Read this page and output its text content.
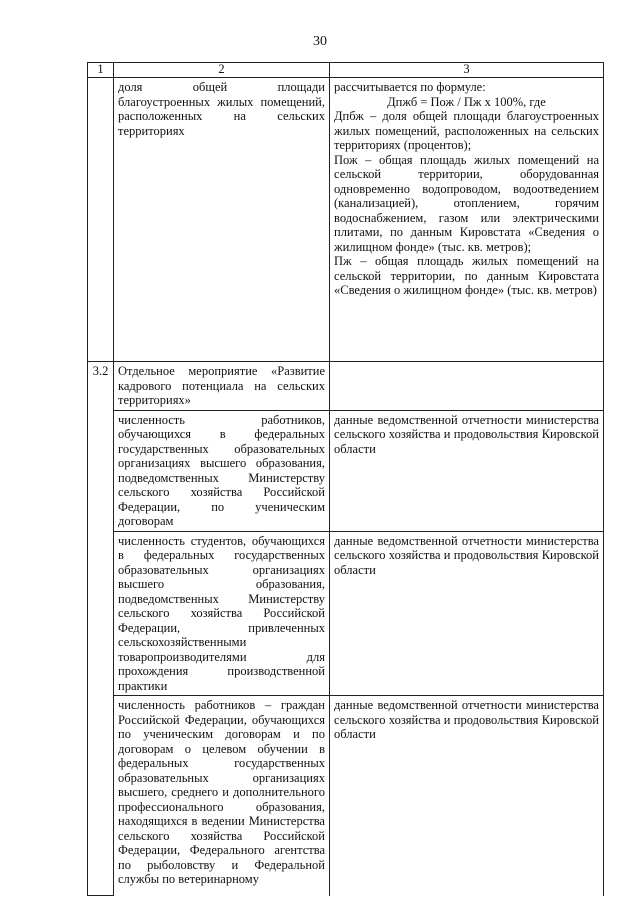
30
1	2	3
	доля общей площади благоустроенных жилых помещений, расположенных на сельских территориях	рассчитывается по формуле:

Дпжб = Пож / Пж x 100%, где

Дпбж – доля общей площади благоустроенных жилых помещений, расположенных на сельских территориях (процентов);

Пож – общая площадь жилых помещений на сельской территории, оборудованная одновременно водопроводом, водоотведением (канализацией), отоплением, горячим водоснабжением, газом или электрическими плитами, по данным Кировстата «Сведения о жилищном фонде» (тыс. кв. метров);

Пж – общая площадь жилых помещений на сельской территории, по данным Кировстата «Сведения о жилищном фонде» (тыс. кв. метров)

3.2	Отдельное мероприятие «Развитие кадрового потенциала на сельских территориях»	
	численность работников, обучающихся в федеральных государственных образовательных организациях высшего образования, подведомственных Министерству сельского хозяйства Российской Федерации, по ученическим договорам	данные ведомственной отчетности министерства сельского хозяйства и продовольствия Кировской области
	численность студентов, обучающихся в федеральных государственных образовательных организациях высшего образования, подведомственных Министерству сельского хозяйства Российской Федерации, привлеченных сельскохозяйственными товаропроизводителями для прохождения производственной практики	данные ведомственной отчетности министерства сельского хозяйства и продовольствия Кировской области
	численность работников – граждан Российской Федерации, обучающихся по ученическим договорам и по договорам о целевом обучении в федеральных государственных образовательных организациях высшего, среднего и дополнительного профессионального образования, находящихся в ведении Министерства сельского хозяйства Российской Федерации, Федерального агентства по рыболовству и Федеральной службы по ветеринарному	данные ведомственной отчетности министерства сельского хозяйства и продовольствия Кировской области
